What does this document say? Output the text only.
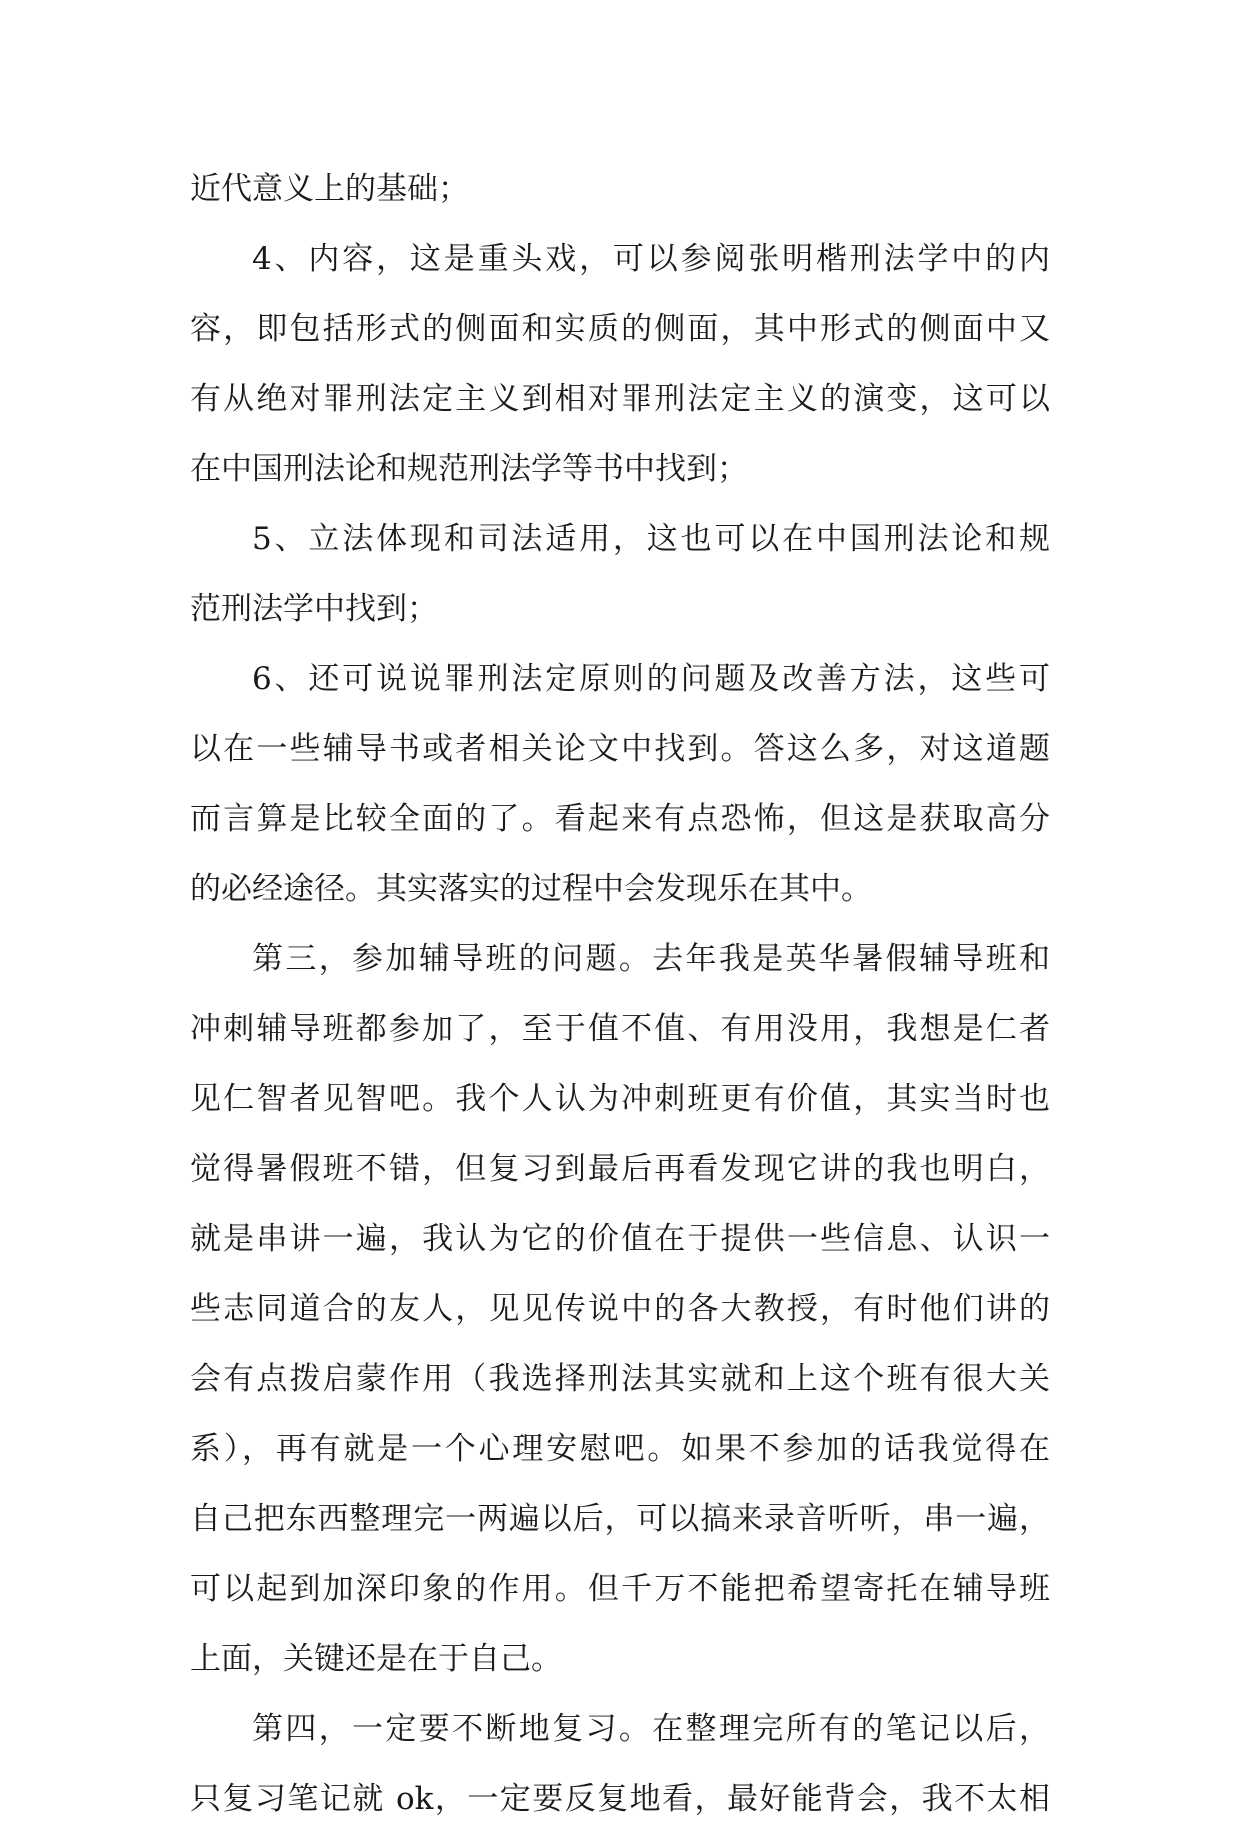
近代意义上的基础；
4、内容，这是重头戏，可以参阅张明楷刑法学中的内
容，即包括形式的侧面和实质的侧面，其中形式的侧面中又
有从绝对罪刑法定主义到相对罪刑法定主义的演变，这可以
在中国刑法论和规范刑法学等书中找到；
5、立法体现和司法适用，这也可以在中国刑法论和规
范刑法学中找到；
6、还可说说罪刑法定原则的问题及改善方法，这些可
以在一些辅导书或者相关论文中找到。答这么多，对这道题
而言算是比较全面的了。看起来有点恐怖，但这是获取高分
的必经途径。其实落实的过程中会发现乐在其中。
第三，参加辅导班的问题。去年我是英华暑假辅导班和
冲刺辅导班都参加了，至于值不值、有用没用，我想是仁者
见仁智者见智吧。我个人认为冲刺班更有价值，其实当时也
觉得暑假班不错，但复习到最后再看发现它讲的我也明白，
就是串讲一遍，我认为它的价值在于提供一些信息、认识一
些志同道合的友人，见见传说中的各大教授，有时他们讲的
会有点拨启蒙作用（我选择刑法其实就和上这个班有很大关
系），再有就是一个心理安慰吧。如果不参加的话我觉得在
自己把东西整理完一两遍以后，可以搞来录音听听，串一遍，
可以起到加深印象的作用。但千万不能把希望寄托在辅导班
上面，关键还是在于自己。
第四，一定要不断地复习。在整理完所有的笔记以后，
只复习笔记就 ok，一定要反复地看，最好能背会，我不太相
